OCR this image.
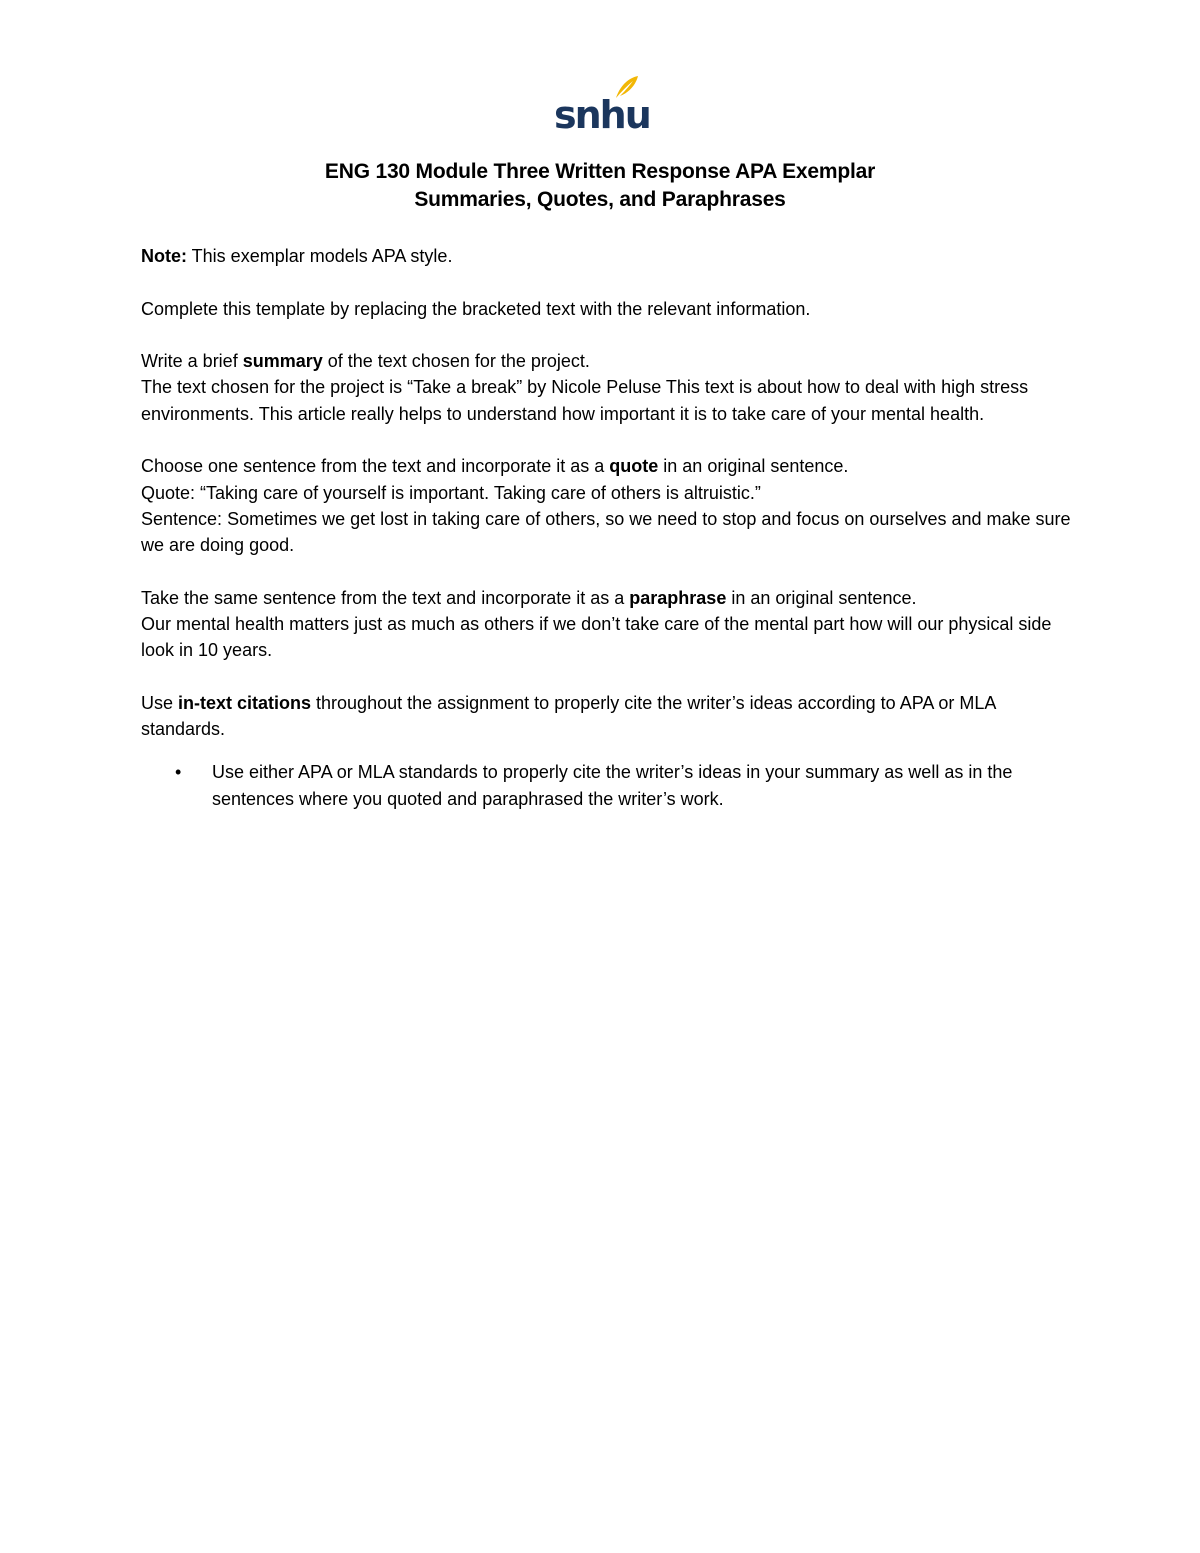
snhu
ENG 130 Module Three Written Response APA Exemplar
Summaries, Quotes, and Paraphrases

Note: This exemplar models APA style.

Complete this template by replacing the bracketed text with the relevant information.

Write a brief summary of the text chosen for the project.
The text chosen for the project is “Take a break” by Nicole Peluse This text is about how to deal with high stress environments. This article really helps to understand how important it is to take care of your mental health.

Choose one sentence from the text and incorporate it as a quote in an original sentence.
Quote: “Taking care of yourself is important. Taking care of others is altruistic.”
Sentence: Sometimes we get lost in taking care of others, so we need to stop and focus on ourselves and make sure we are doing good.

Take the same sentence from the text and incorporate it as a paraphrase in an original sentence.
Our mental health matters just as much as others if we don’t take care of the mental part how will our physical side look in 10 years.

Use in-text citations throughout the assignment to properly cite the writer’s ideas according to APA or MLA standards.

• Use either APA or MLA standards to properly cite the writer’s ideas in your summary as well as in the sentences where you quoted and paraphrased the writer’s work.
